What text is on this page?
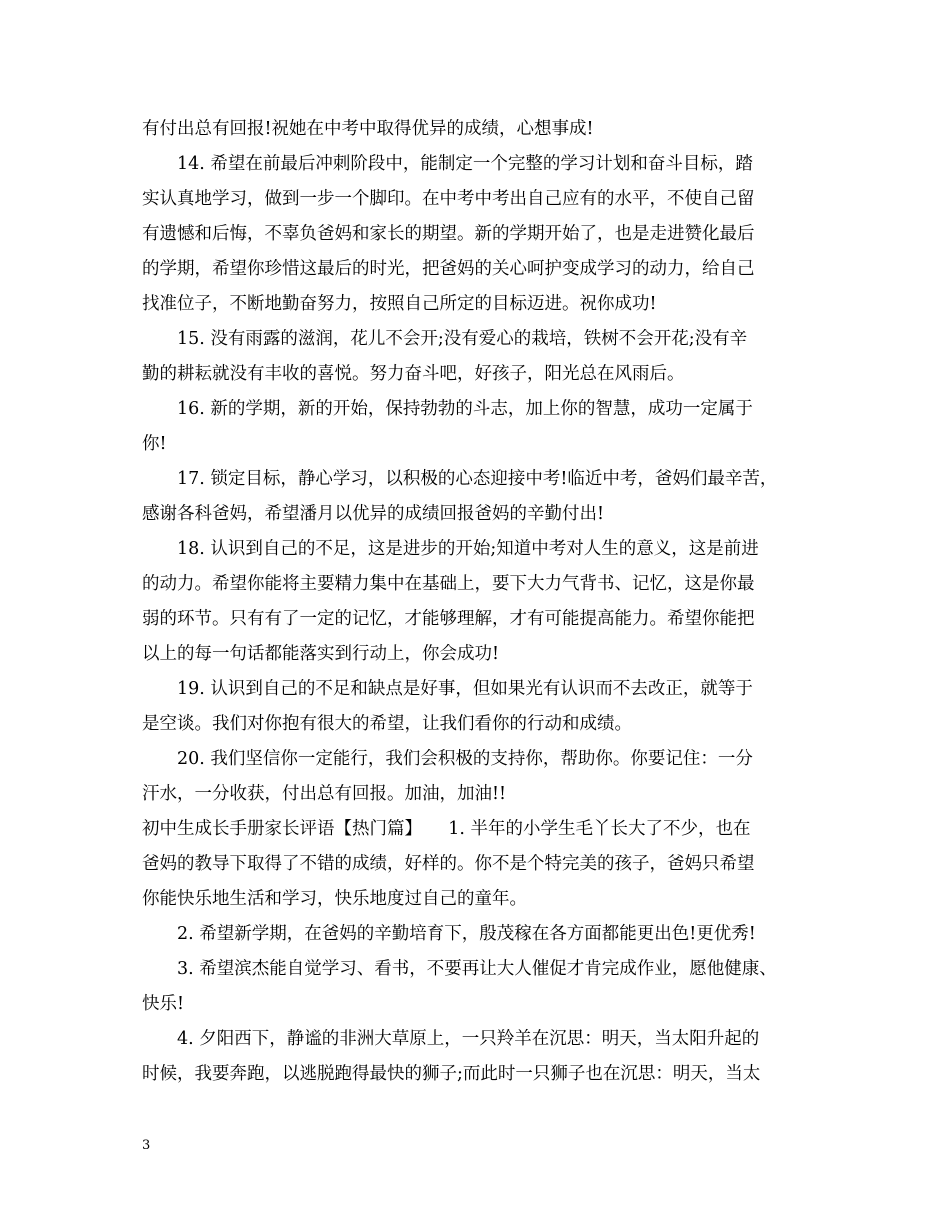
有付出总有回报!祝她在中考中取得优异的成绩，心想事成!
14. 希望在前最后冲刺阶段中，能制定一个完整的学习计划和奋斗目标，踏
实认真地学习，做到一步一个脚印。在中考中考出自己应有的水平，不使自己留
有遗憾和后悔，不辜负爸妈和家长的期望。新的学期开始了，也是走进赞化最后
的学期，希望你珍惜这最后的时光，把爸妈的关心呵护变成学习的动力，给自己
找准位子，不断地勤奋努力，按照自己所定的目标迈进。祝你成功!
15. 没有雨露的滋润，花儿不会开;没有爱心的栽培，铁树不会开花;没有辛
勤的耕耘就没有丰收的喜悦。努力奋斗吧，好孩子，阳光总在风雨后。
16. 新的学期，新的开始，保持勃勃的斗志，加上你的智慧，成功一定属于
你!
17. 锁定目标，静心学习，以积极的心态迎接中考!临近中考，爸妈们最辛苦，
感谢各科爸妈，希望潘月以优异的成绩回报爸妈的辛勤付出!
18. 认识到自己的不足，这是进步的开始;知道中考对人生的意义，这是前进
的动力。希望你能将主要精力集中在基础上，要下大力气背书、记忆，这是你最
弱的环节。只有有了一定的记忆，才能够理解，才有可能提高能力。希望你能把
以上的每一句话都能落实到行动上，你会成功!
19. 认识到自己的不足和缺点是好事，但如果光有认识而不去改正，就等于
是空谈。我们对你抱有很大的希望，让我们看你的行动和成绩。
20. 我们坚信你一定能行，我们会积极的支持你，帮助你。你要记住：一分
汗水，一分收获，付出总有回报。加油，加油!!
初中生成长手册家长评语【热门篇】　　1. 半年的小学生毛丫长大了不少，也在
爸妈的教导下取得了不错的成绩，好样的。你不是个特完美的孩子，爸妈只希望
你能快乐地生活和学习，快乐地度过自己的童年。
2. 希望新学期，在爸妈的辛勤培育下，殷茂稼在各方面都能更出色!更优秀!
3. 希望滨杰能自觉学习、看书，不要再让大人催促才肯完成作业，愿他健康、
快乐!
4. 夕阳西下，静谧的非洲大草原上，一只羚羊在沉思：明天，当太阳升起的
时候，我要奔跑，以逃脱跑得最快的狮子;而此时一只狮子也在沉思：明天，当太
3
